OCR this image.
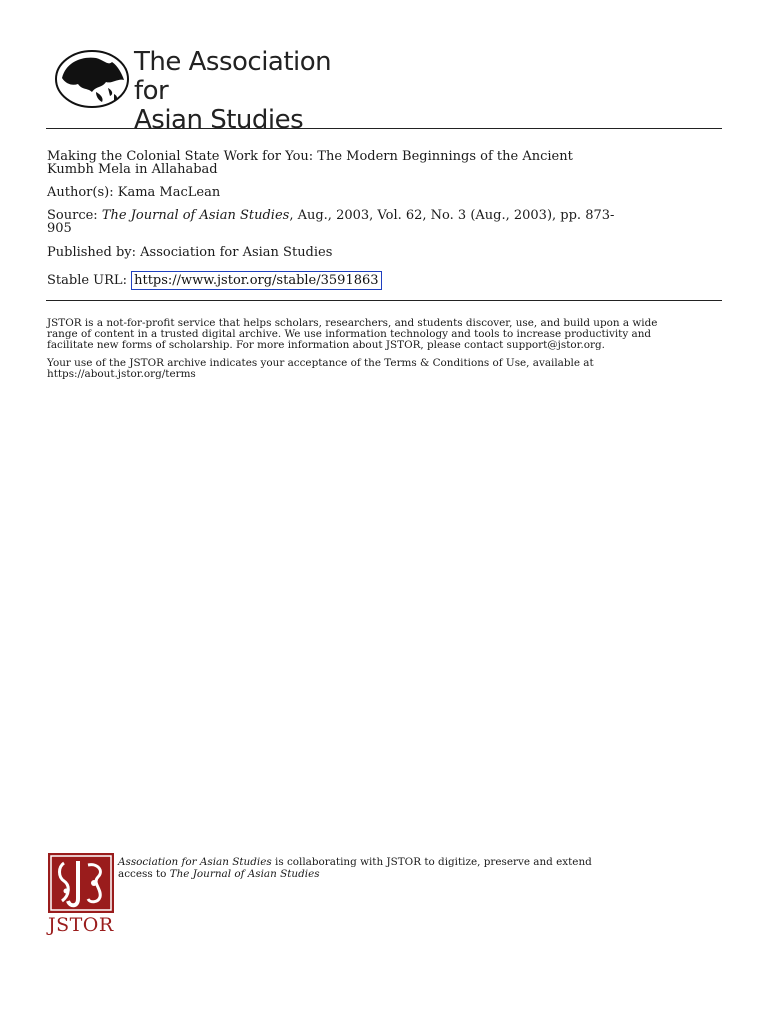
The Association for
Asian Studies
Making the Colonial State Work for You: The Modern Beginnings of the Ancient
Kumbh Mela in Allahabad
Author(s): Kama MacLean
Source: The Journal of Asian Studies, Aug., 2003, Vol. 62, No. 3 (Aug., 2003), pp. 873-
905
Published by: Association for Asian Studies
Stable URL: https://www.jstor.org/stable/3591863
JSTOR is a not-for-profit service that helps scholars, researchers, and students discover, use, and build upon a wide
range of content in a trusted digital archive. We use information technology and tools to increase productivity and
facilitate new forms of scholarship. For more information about JSTOR, please contact support@jstor.org.
Your use of the JSTOR archive indicates your acceptance of the Terms & Conditions of Use, available at
https://about.jstor.org/terms
JSTOR
Association for Asian Studies is collaborating with JSTOR to digitize, preserve and extend
access to The Journal of Asian Studies
